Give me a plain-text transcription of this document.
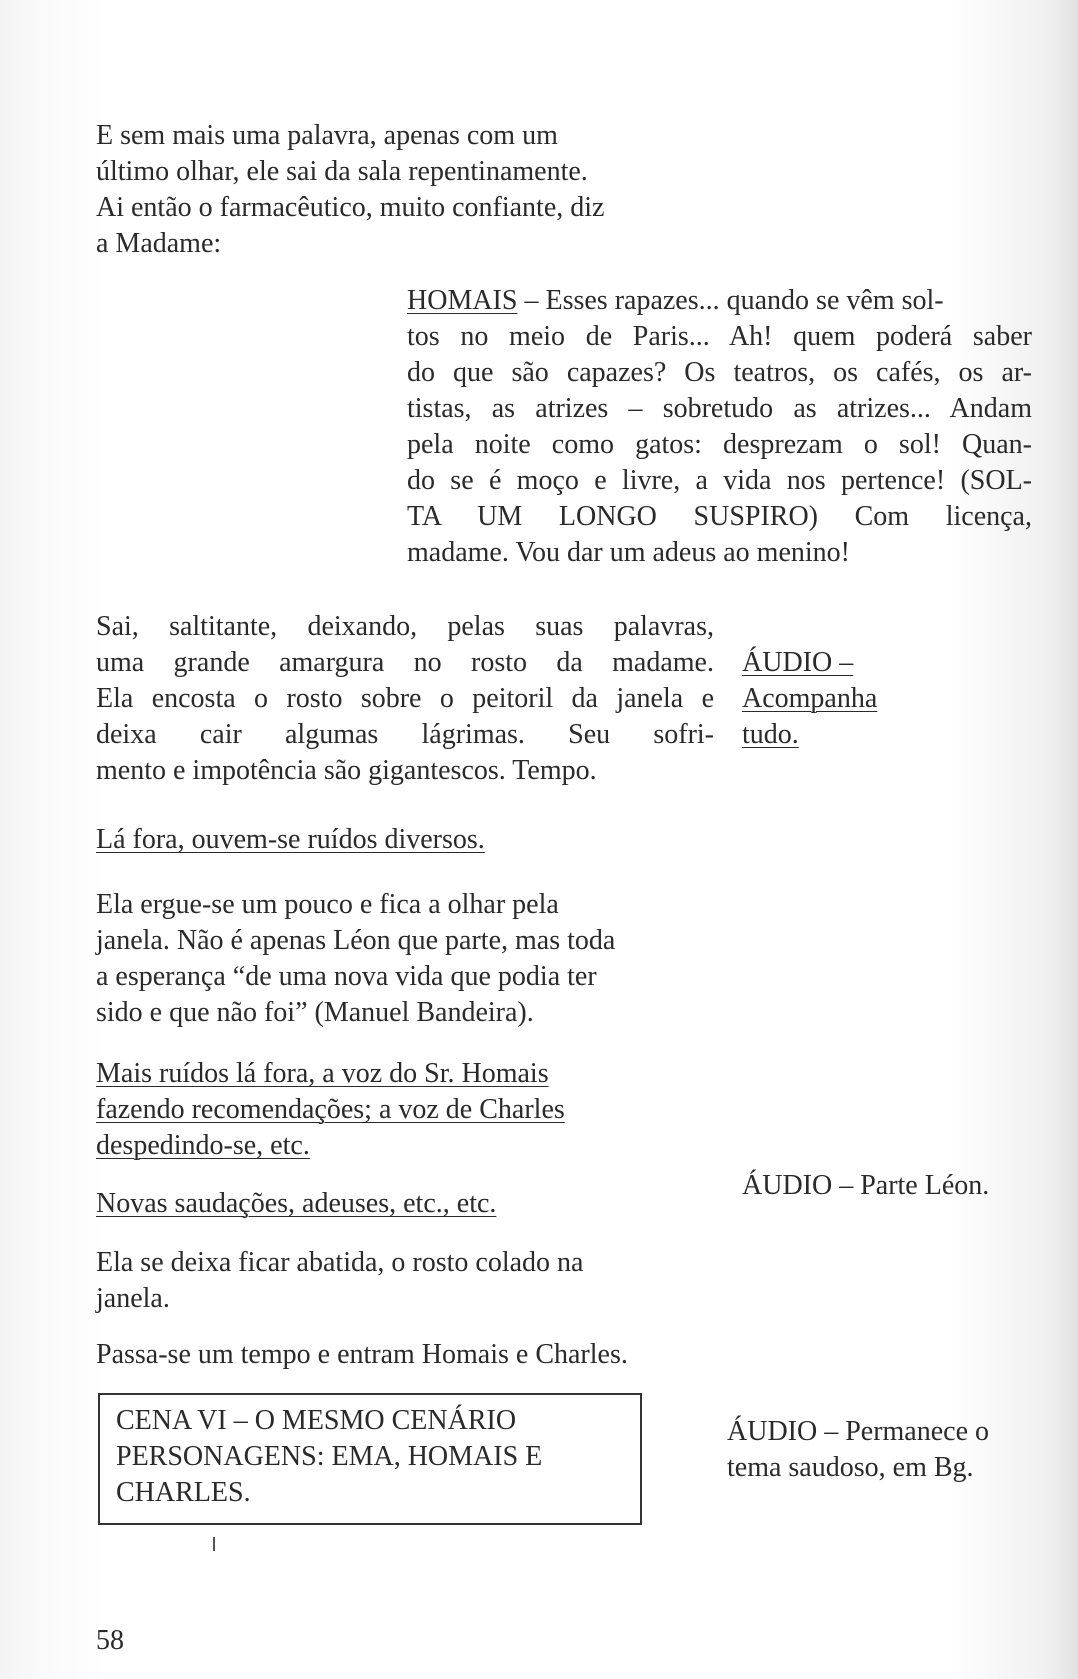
E sem mais uma palavra, apenas com um
último olhar, ele sai da sala repentinamente.
Ai então o farmacêutico, muito confiante, diz
a Madame:
HOMAIS – Esses rapazes... quando se vêm sol-
tos no meio de Paris... Ah! quem poderá saber
do que são capazes? Os teatros, os cafés, os ar-
tistas, as atrizes – sobretudo as atrizes... Andam
pela noite como gatos: desprezam o sol! Quan-
do se é moço e livre, a vida nos pertence! (SOL-
TA UM LONGO SUSPIRO) Com licença,
madame. Vou dar um adeus ao menino!
Sai, saltitante, deixando, pelas suas palavras,
uma grande amargura no rosto da madame.
Ela encosta o rosto sobre o peitoril da janela e
deixa cair algumas lágrimas. Seu sofri-
mento e impotência são gigantescos. Tempo.
ÁUDIO –
Acompanha
tudo.
Lá fora, ouvem-se ruídos diversos.
Ela ergue-se um pouco e fica a olhar pela
janela. Não é apenas Léon que parte, mas toda
a esperança “de uma nova vida que podia ter
sido e que não foi” (Manuel Bandeira).
Mais ruídos lá fora, a voz do Sr. Homais
fazendo recomendações; a voz de Charles
despedindo-se, etc.
Novas saudações, adeuses, etc., etc.
ÁUDIO – Parte Léon.
Ela se deixa ficar abatida, o rosto colado na
janela.
Passa-se um tempo e entram Homais e Charles.
CENA VI – O MESMO CENÁRIO
PERSONAGENS: EMA, HOMAIS E
CHARLES.
ÁUDIO – Permanece o
tema saudoso, em Bg.
58
